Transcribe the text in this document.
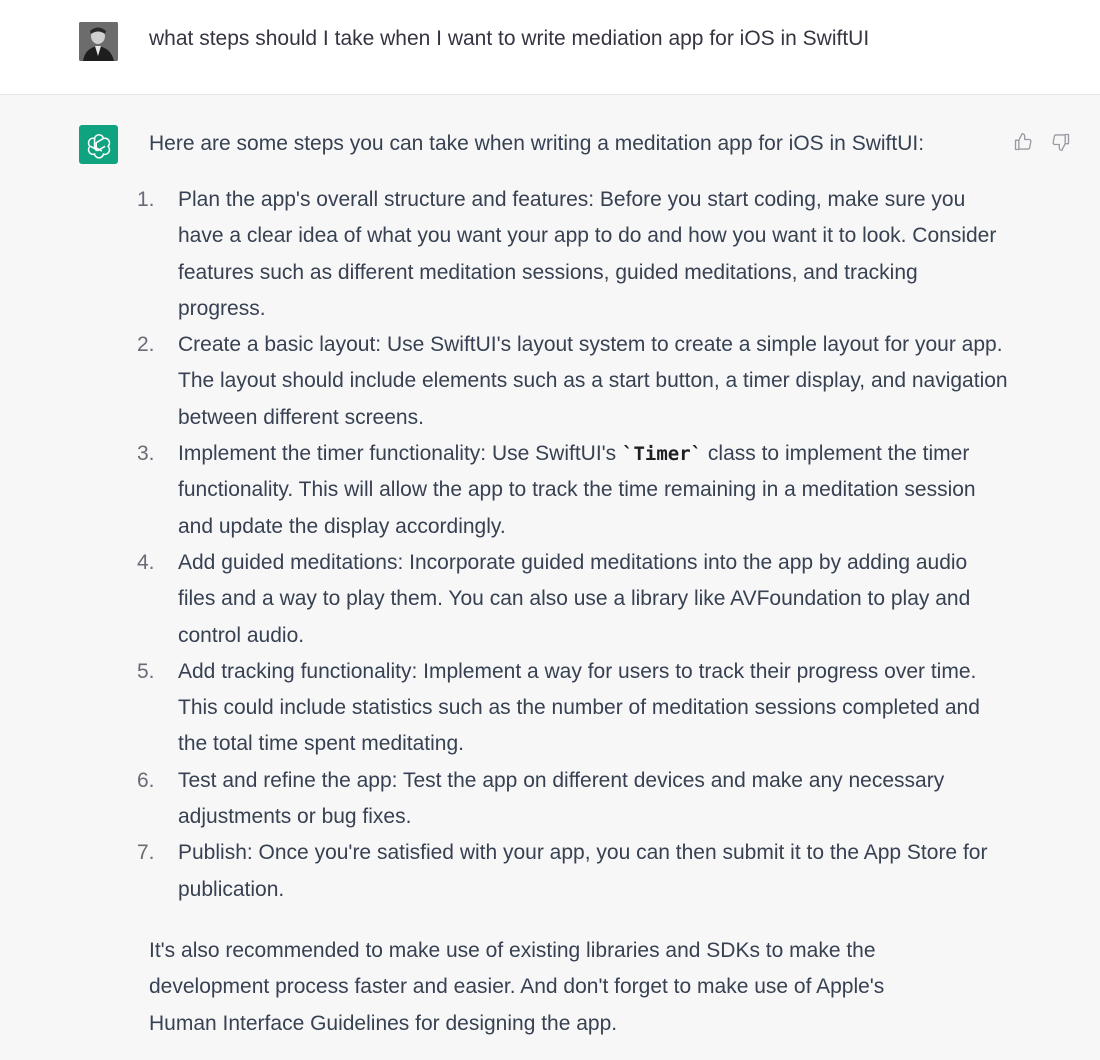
what steps should I take when I want to write mediation app for iOS in SwiftUI

Here are some steps you can take when writing a meditation app for iOS in SwiftUI:

1.	Plan the app's overall structure and features: Before you start coding, make sure you have a clear idea of what you want your app to do and how you want it to look. Consider features such as different meditation sessions, guided meditations, and tracking progress.
2.	Create a basic layout: Use SwiftUI's layout system to create a simple layout for your app. The layout should include elements such as a start button, a timer display, and navigation between different screens.
3.	Implement the timer functionality: Use SwiftUI's `Timer` class to implement the timer functionality. This will allow the app to track the time remaining in a meditation session and update the display accordingly.
4.	Add guided meditations: Incorporate guided meditations into the app by adding audio files and a way to play them. You can also use a library like AVFoundation to play and control audio.
5.	Add tracking functionality: Implement a way for users to track their progress over time. This could include statistics such as the number of meditation sessions completed and the total time spent meditating.
6.	Test and refine the app: Test the app on different devices and make any necessary adjustments or bug fixes.
7.	Publish: Once you're satisfied with your app, you can then submit it to the App Store for publication.

It's also recommended to make use of existing libraries and SDKs to make the development process faster and easier. And don't forget to make use of Apple's Human Interface Guidelines for designing the app.
